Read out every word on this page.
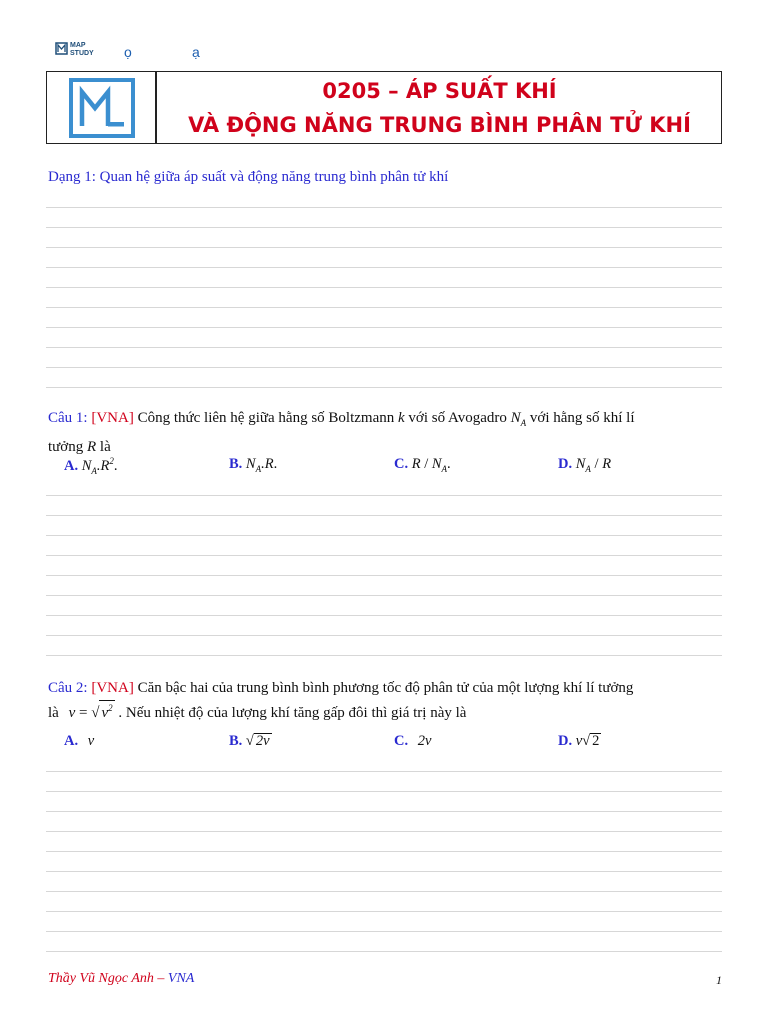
MAP
STUDY ọ	ạ
0205 – ÁP SUẤT KHÍ
VÀ ĐỘNG NĂNG TRUNG BÌNH PHÂN TỬ KHÍ
Dạng 1: Quan hệ giữa áp suất và động năng trung bình phân tử khí
Câu 1: [VNA] Công thức liên hệ giữa hằng số Boltzmann k với số Avogadro $N_A$ với hằng số khí lí
tưởng R là
A. $N_A.R^2$.	B. $N_A.R$.	C. R / $N_A$.	D. $N_A$ / R
Câu 2: [VNA] Căn bậc hai của trung bình bình phương tốc độ phân tử của một lượng khí lí tưởng
là v = √ $v^2$ . Nếu nhiệt độ của lượng khí tăng gấp đôi thì giá trị này là
A. v	B. √ 2v	C. 2v	D. v√ 2
Thầy Vũ Ngọc Anh – VNA	1
